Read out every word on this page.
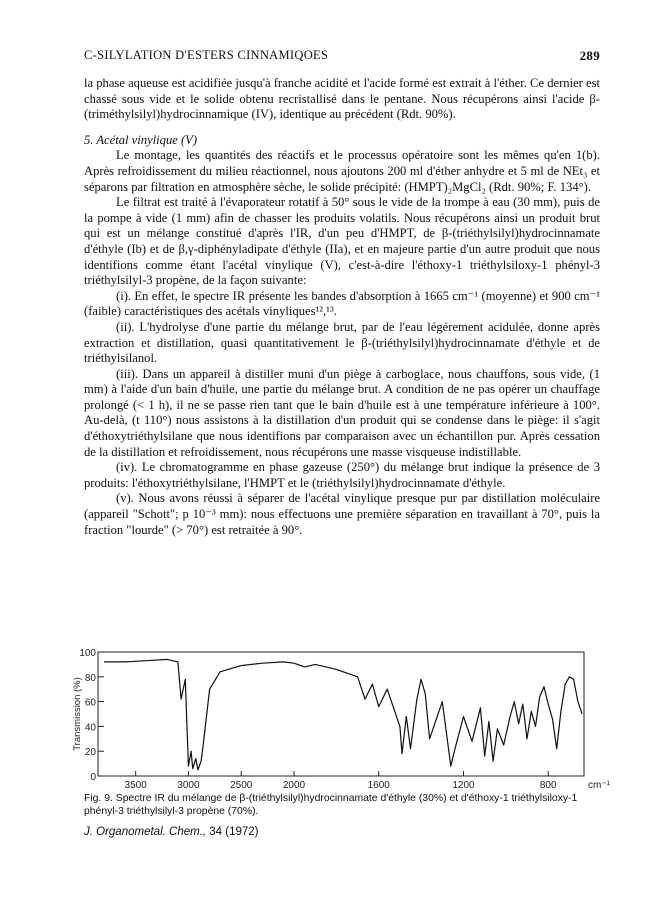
C-SILYLATION D'ESTERS CINNAMIQOES	289

la phase aqueuse est acidifiée jusqu'à franche acidité et l'acide formé est extrait à l'éther. Ce dernier est chassé sous vide et le solide obtenu recristallisé dans le pentane. Nous récupérons ainsi l'acide β-(triméthylsilyl)hydrocinnamique (IV), identique au précédent (Rdt. 90%).

5. Acétal vinylique (V)

Le montage, les quantités des réactifs et le processus opératoire sont les mêmes qu'en 1(b). Après refroidissement du milieu réactionnel, nous ajoutons 200 ml d'éther anhydre et 5 ml de NEt₃ et séparons par filtration en atmosphère sèche, le solide précipité: (HMPT)₂MgCl₂ (Rdt. 90%; F. 134°).

Le filtrat est traité à l'évaporateur rotatif à 50° sous le vide de la trompe à eau (30 mm), puis de la pompe à vide (1 mm) afin de chasser les produits volatils. Nous récupérons ainsi un produit brut qui est un mélange constitué d'après l'IR, d'un peu d'HMPT, de β-(triéthylsilyl)hydrocinnamate d'éthyle (Ib) et de β,γ-diphényladipate d'éthyle (IIa), et en majeure partie d'un autre produit que nous identifions comme étant l'acétal vinylique (V), c'est-à-dire l'éthoxy-1 triéthylsiloxy-1 phényl-3 triéthylsilyl-3 propène, de la façon suivante:

(i). En effet, le spectre IR présente les bandes d'absorption à 1665 cm⁻¹ (moyenne) et 900 cm⁻¹ (faible) caractéristiques des acétals vinyliques¹²,¹³.

(ii). L'hydrolyse d'une partie du mélange brut, par de l'eau légérement acidulée, donne après extraction et distillation, quasi quantitativement le β-(triéthylsilyl)hydrocinnamate d'éthyle et de triéthylsilanol.

(iii). Dans un appareil à distiller muni d'un piège à carboglace, nous chauffons, sous vide, (1 mm) à l'aide d'un bain d'huile, une partie du mélange brut. A condition de ne pas opérer un chauffage prolongé (< 1 h), il ne se passe rien tant que le bain d'huile est à une température inférieure à 100°. Au-delà, (t 110°) nous assistons à la distillation d'un produit qui se condense dans le piège: il s'agit d'éthoxytriéthylsilane que nous identifions par comparaison avec un échantillon pur. Après cessation de la distillation et refroidissement, nous récupérons une masse visqueuse indistillable.

(iv). Le chromatogramme en phase gazeuse (250°) du mélange brut indique la présence de 3 produits: l'éthoxytriéthylsilane, l'HMPT et le (triéthylsilyl)hydrocinnamate d'éthyle.

(v). Nous avons réussi à séparer de l'acétal vinylique presque pur par distillation moléculaire (appareil "Schott"; p 10⁻³ mm): nous effectuons une première séparation en travaillant à 70°, puis la fraction "lourde" (> 70°) est retraitée à 90°.

0
20
40
60
80
100
3500	3000	2500	2000	1600	1200	800	cm⁻¹
Transmission (%)
Fig. 9. Spectre IR du mélange de β-(triéthylsilyl)hydrocinnamate d'éthyle (30%) et d'éthoxy-1 triéthylsiloxy-1 phényl-3 triéthylsilyl-3 propène (70%).
J. Organometal. Chem., 34 (1972)
